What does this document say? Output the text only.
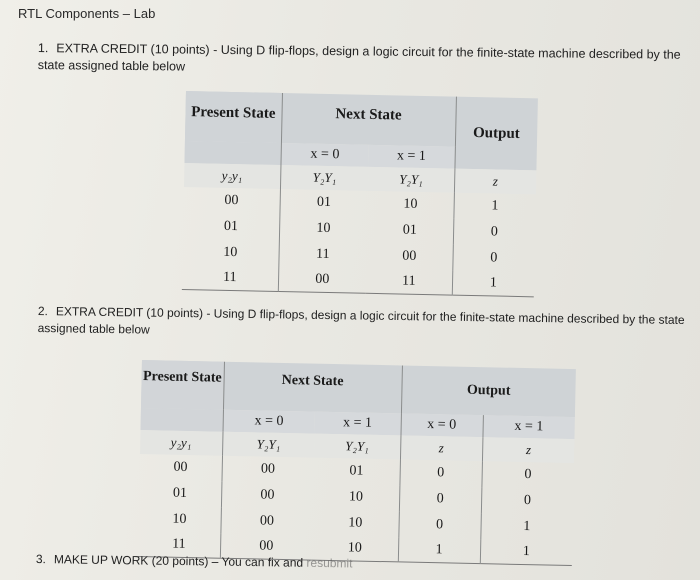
RTL Components – Lab
1. EXTRA CREDIT (10 points) - Using D flip-flops, design a logic circuit for the finite-state machine described by the state assigned table below
Present State	Next State		Output
	x = 0	x = 1	
y₂y₁	Y₂Y₁	Y₂Y₁	z
00	01	10	1
01	10	01	0
10	11	00	0
11	00	11	1
2. EXTRA CREDIT (10 points) - Using D flip-flops, design a logic circuit for the finite-state machine described by the state assigned table below
Present State	Next State		Output	
	x = 0	x = 1	x = 0	x = 1
y₂y₁	Y₂Y₁	Y₂Y₁	z	z
00	00	01	0	0
01	00	10	0	0
10	00	10	0	1
11	00	10	1	1
3. MAKE UP WORK (20 points) – You can fix and resubmit
